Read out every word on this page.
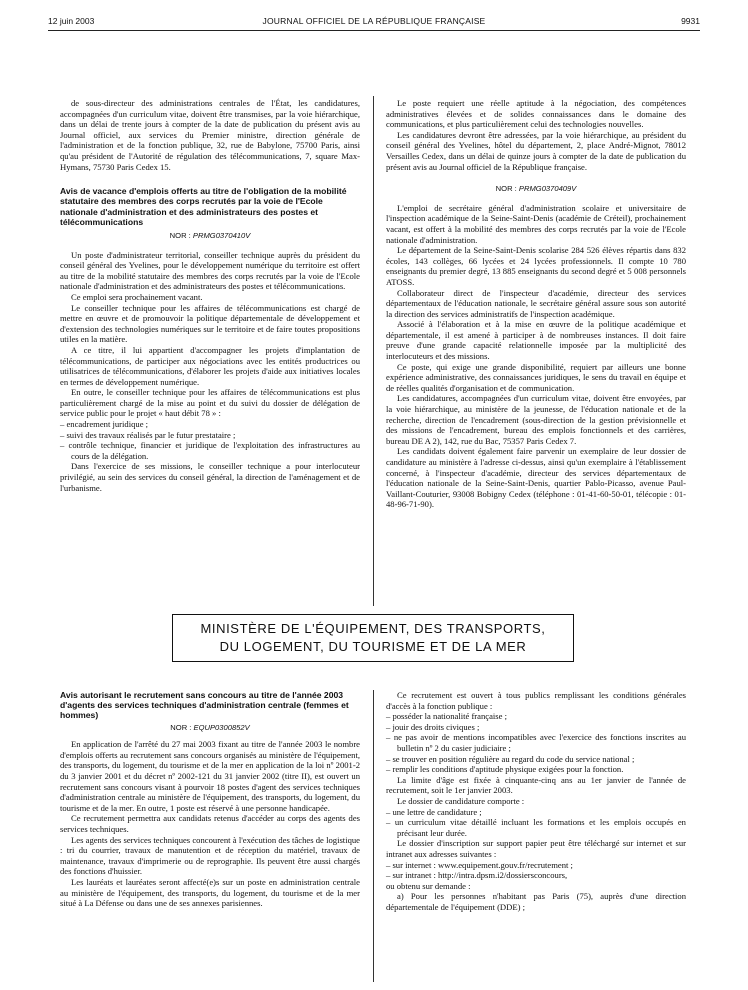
12 juin 2003	JOURNAL OFFICIEL DE LA RÉPUBLIQUE FRANÇAISE	9931

de sous-directeur des administrations centrales de l'État, les candidatures, accompagnées d'un curriculum vitae, doivent être transmises, par la voie hiérarchique, dans un délai de trente jours à compter de la date de publication du présent avis au Journal officiel, aux services du Premier ministre, direction générale de l'administration et de la fonction publique, 32, rue de Babylone, 75700 Paris, ainsi qu'au président de l'Autorité de régulation des télécommunications, 7, square Max-Hymans, 75730 Paris Cedex 15.

Avis de vacance d'emplois offerts au titre de l'obligation de la mobilité statutaire des membres des corps recrutés par la voie de l'Ecole nationale d'administration et des administrateurs des postes et télécommunications
NOR : PRMG0370410V

Un poste d'administrateur territorial, conseiller technique auprès du président du conseil général des Yvelines, pour le développement numérique du territoire est offert au titre de la mobilité statutaire des membres des corps recrutés par la voie de l'Ecole nationale d'administration et des administrateurs des postes et télécommunications.

Ce emploi sera prochainement vacant.

Le conseiller technique pour les affaires de télécommunications est chargé de mettre en œuvre et de promouvoir la politique départementale de développement et d'extension des technologies numériques sur le territoire et de faire toutes propositions utiles en la matière.

A ce titre, il lui appartient d'accompagner les projets d'implantation de télécommunications, de participer aux négociations avec les entités productrices ou utilisatrices de télécommunications, d'élaborer les projets d'aide aux initiatives locales en termes de développement numérique.

En outre, le conseiller technique pour les affaires de télécommunications est plus particulièrement chargé de la mise au point et du suivi du dossier de délégation de service public pour le projet « haut débit 78 » :

– encadrement juridique ;
– suivi des travaux réalisés par le futur prestataire ;
– contrôle technique, financier et juridique de l'exploitation des infrastructures au cours de la délégation.

Dans l'exercice de ses missions, le conseiller technique a pour interlocuteur privilégié, au sein des services du conseil général, la direction de l'aménagement et de l'urbanisme.

Le poste requiert une réelle aptitude à la négociation, des compétences administratives élevées et de solides connaissances dans le domaine des communications, et plus particulièrement celui des technologies nouvelles.

Les candidatures devront être adressées, par la voie hiérarchique, au président du conseil général des Yvelines, hôtel du département, 2, place André-Mignot, 78012 Versailles Cedex, dans un délai de quinze jours à compter de la date de publication du présent avis au Journal officiel de la République française.

NOR : PRMG0370409V

L'emploi de secrétaire général d'administration scolaire et universitaire de l'inspection académique de la Seine-Saint-Denis (académie de Créteil), prochainement vacant, est offert à la mobilité des membres des corps recrutés par la voie de l'Ecole nationale d'administration.

Le département de la Seine-Saint-Denis scolarise 284 526 élèves répartis dans 832 écoles, 143 collèges, 66 lycées et 24 lycées professionnels. Il compte 10 780 enseignants du premier degré, 13 885 enseignants du second degré et 5 008 personnels ATOSS.

Collaborateur direct de l'inspecteur d'académie, directeur des services départementaux de l'éducation nationale, le secrétaire général assure sous son autorité la direction des services administratifs de l'inspection académique.

Associé à l'élaboration et à la mise en œuvre de la politique académique et départementale, il est amené à participer à de nombreuses instances. Il doit faire preuve d'une grande capacité relationnelle imposée par la multiplicité des interlocuteurs et des missions.

Ce poste, qui exige une grande disponibilité, requiert par ailleurs une bonne expérience administrative, des connaissances juridiques, le sens du travail en équipe et de réelles qualités d'organisation et de communication.

Les candidatures, accompagnées d'un curriculum vitae, doivent être envoyées, par la voie hiérarchique, au ministère de la jeunesse, de l'éducation nationale et de la recherche, direction de l'encadrement (sous-direction de la gestion prévisionnelle et des missions de l'encadrement, bureau des emplois fonctionnels et des carrières, bureau DE A 2), 142, rue du Bac, 75357 Paris Cedex 7.

Les candidats doivent également faire parvenir un exemplaire de leur dossier de candidature au ministère à l'adresse ci-dessus, ainsi qu'un exemplaire à l'établissement concerné, à l'inspecteur d'académie, directeur des services départementaux de l'éducation nationale de la Seine-Saint-Denis, quartier Pablo-Picasso, avenue Paul-Vaillant-Couturier, 93008 Bobigny Cedex (téléphone : 01-41-60-50-01, télécopie : 01-48-96-71-90).

MINISTÈRE DE L'ÉQUIPEMENT, DES TRANSPORTS,
DU LOGEMENT, DU TOURISME ET DE LA MER
Avis autorisant le recrutement sans concours au titre de l'année 2003 d'agents des services techniques d'administration centrale (femmes et hommes)
NOR : EQUP0300852V

En application de l'arrêté du 27 mai 2003 fixant au titre de l'année 2003 le nombre d'emplois offerts au recrutement sans concours organisés au ministère de l'équipement, des transports, du logement, du tourisme et de la mer en application de la loi nº 2001-2 du 3 janvier 2001 et du décret nº 2002-121 du 31 janvier 2002 (titre II), est ouvert un recrutement sans concours visant à pourvoir 18 postes d'agent des services techniques d'administration centrale au ministère de l'équipement, des transports, du logement, du tourisme et de la mer. En outre, 1 poste est réservé à une personne handicapée.

Ce recrutement permettra aux candidats retenus d'accéder au corps des agents des services techniques.

Les agents des services techniques concourent à l'exécution des tâches de logistique : tri du courrier, travaux de manutention et de réception du matériel, travaux de maintenance, travaux d'imprimerie ou de reprographie. Ils peuvent être aussi chargés des fonctions d'huissier.

Les lauréats et lauréates seront affecté(e)s sur un poste en administration centrale au ministère de l'équipement, des transports, du logement, du tourisme et de la mer situé à La Défense ou dans une de ses annexes parisiennes.

Ce recrutement est ouvert à tous publics remplissant les conditions générales d'accès à la fonction publique :

– posséder la nationalité française ;
– jouir des droits civiques ;
– ne pas avoir de mentions incompatibles avec l'exercice des fonctions inscrites au bulletin nº 2 du casier judiciaire ;
– se trouver en position régulière au regard du code du service national ;
– remplir les conditions d'aptitude physique exigées pour la fonction.

La limite d'âge est fixée à cinquante-cinq ans au 1er janvier de l'année de recrutement, soit le 1er janvier 2003.

Le dossier de candidature comporte :

– une lettre de candidature ;
– un curriculum vitae détaillé incluant les formations et les emplois occupés en précisant leur durée.

Le dossier d'inscription sur support papier peut être téléchargé sur internet et sur intranet aux adresses suivantes :

– sur internet : www.equipement.gouv.fr/recrutement ;
– sur intranet : http://intra.dpsm.i2/dossiersconcours,

ou obtenu sur demande :

a) Pour les personnes n'habitant pas Paris (75), auprès d'une direction départementale de l'équipement (DDE) ;
